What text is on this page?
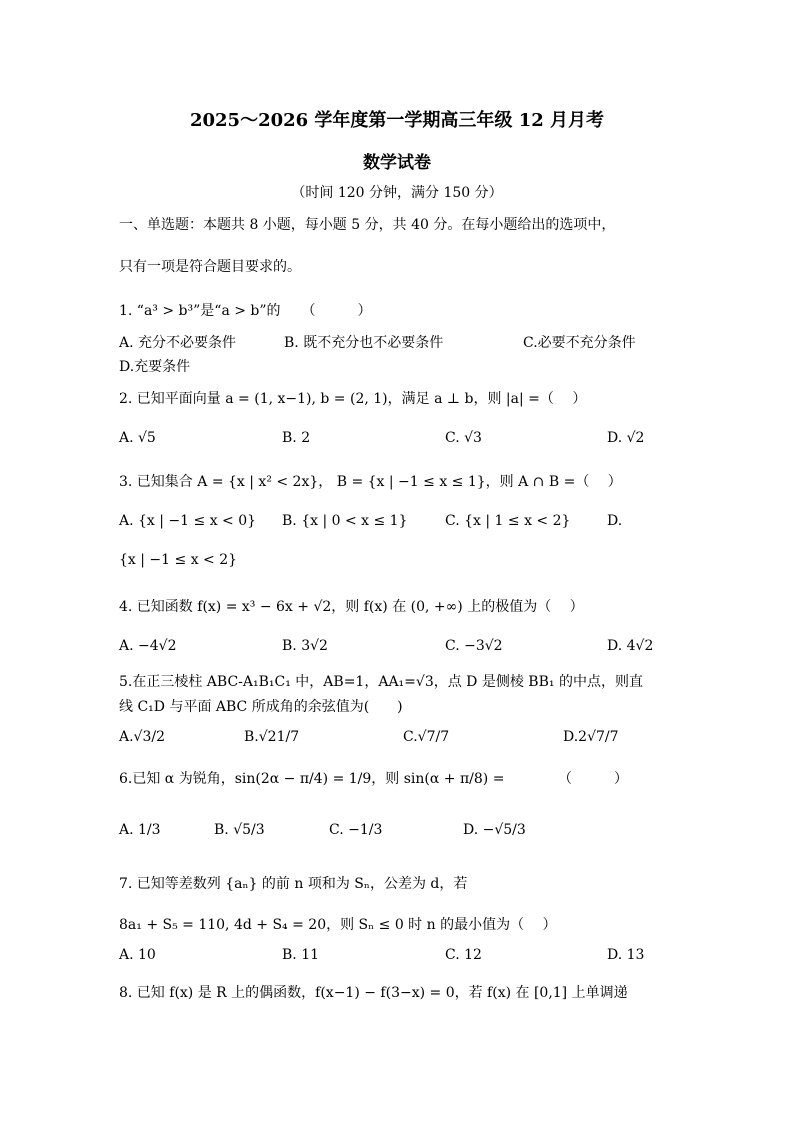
2025～2026 学年度第一学期高三年级 12 月月考
数学试卷
（时间 120 分钟，满分 150 分）
一、单选题：本题共 8 小题，每小题 5 分，共 40 分。在每小题给出的选项中，
只有一项是符合题目要求的。
1. “a³ > b³”是“a > b”的　　（　　　）
A. 充分不必要条件	B. 既不充分也不必要条件	C.必要不充分条件
D.充要条件
2. 已知平面向量 a = (1, x−1), b = (2, 1)，满足 a ⊥ b，则 |a| =（　 ）
A. √5	B. 2	C. √3	D. √2
3. 已知集合 A = {x | x² < 2x}， B = {x | −1 ≤ x ≤ 1}，则 A ∩ B =（　 ）
A. {x | −1 ≤ x < 0} B. {x | 0 < x ≤ 1}	C. {x | 1 ≤ x < 2}	D.
{x | −1 ≤ x < 2}
4. 已知函数 f(x) = x³ − 6x + √2，则 f(x) 在 (0, +∞) 上的极值为（　 ）
A. −4√2	B. 3√2	C. −3√2	D. 4√2
5.在正三棱柱 ABC-A₁B₁C₁ 中，AB=1，AA₁=√3，点 D 是侧棱 BB₁ 的中点，则直
线 C₁D 与平面 ABC 所成角的余弦值为(　　)
A.√3/2	B.√21/7	C.√7/7	D.2√7/7
6.已知 α 为锐角，sin(2α − π/4) = 1/9，则 sin(α + π/8) =	（　　　）
A. 1/3	B. √5/3	C. −1/3	D. −√5/3
7. 已知等差数列 {aₙ} 的前 n 项和为 Sₙ，公差为 d，若
8a₁ + S₅ = 110, 4d + S₄ = 20，则 Sₙ ≤ 0 时 n 的最小值为（　 ）
A. 10	B. 11	C. 12	D. 13
8. 已知 f(x) 是 R 上的偶函数，f(x−1) − f(3−x) = 0，若 f(x) 在 [0,1] 上单调递
